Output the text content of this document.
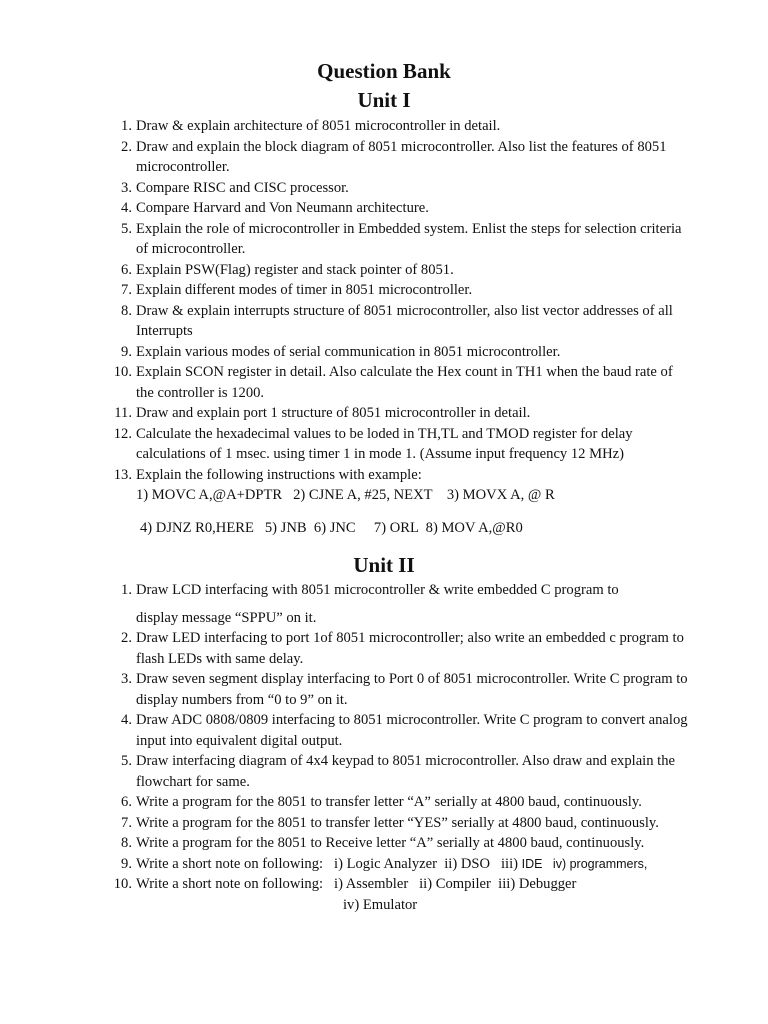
Question Bank
Unit I
1. Draw & explain architecture of 8051 microcontroller in detail.
2. Draw and explain the block diagram of 8051 microcontroller. Also list the features of 8051 microcontroller.
3. Compare RISC and CISC processor.
4. Compare Harvard and Von Neumann architecture.
5. Explain the role of microcontroller in Embedded system. Enlist the steps for selection criteria of microcontroller.
6. Explain PSW(Flag) register and stack pointer of 8051.
7. Explain different modes of timer in 8051 microcontroller.
8. Draw & explain interrupts structure of 8051 microcontroller, also list vector addresses of all Interrupts
9. Explain various modes of serial communication in 8051 microcontroller.
10. Explain SCON register in detail. Also calculate the Hex count in TH1 when the baud rate of the controller is 1200.
11. Draw and explain port 1 structure of 8051 microcontroller in detail.
12. Calculate the hexadecimal values to be loded in TH,TL and TMOD register for delay calculations of 1 msec. using timer 1 in mode 1. (Assume input frequency 12 MHz)
13. Explain the following instructions with example:
1) MOVC A,@A+DPTR   2) CJNE A, #25, NEXT    3) MOVX A, @ R
4) DJNZ R0,HERE   5) JNB  6) JNC     7) ORL  8) MOV A,@R0
Unit II
1. Draw LCD interfacing with 8051 microcontroller & write embedded C program to
display message “SPPU” on it.
2. Draw LED interfacing to port 1of 8051 microcontroller; also write an embedded c program to flash LEDs with same delay.
3. Draw seven segment display interfacing to Port 0 of 8051 microcontroller. Write C program to display numbers from “0 to 9” on it.
4. Draw ADC 0808/0809 interfacing to 8051 microcontroller. Write C program to convert analog input into equivalent digital output.
5. Draw interfacing diagram of 4x4 keypad to 8051 microcontroller. Also draw and explain the flowchart for same.
6. Write a program for the 8051 to transfer letter “A” serially at 4800 baud, continuously.
7. Write a program for the 8051 to transfer letter “YES” serially at 4800 baud, continuously.
8. Write a program for the 8051 to Receive letter “A” serially at 4800 baud, continuously.
9. Write a short note on following:   i) Logic Analyzer  ii) DSO   iii) IDE   iv) programmers,
10. Write a short note on following:   i) Assembler   ii) Compiler  iii) Debugger
iv) Emulator
